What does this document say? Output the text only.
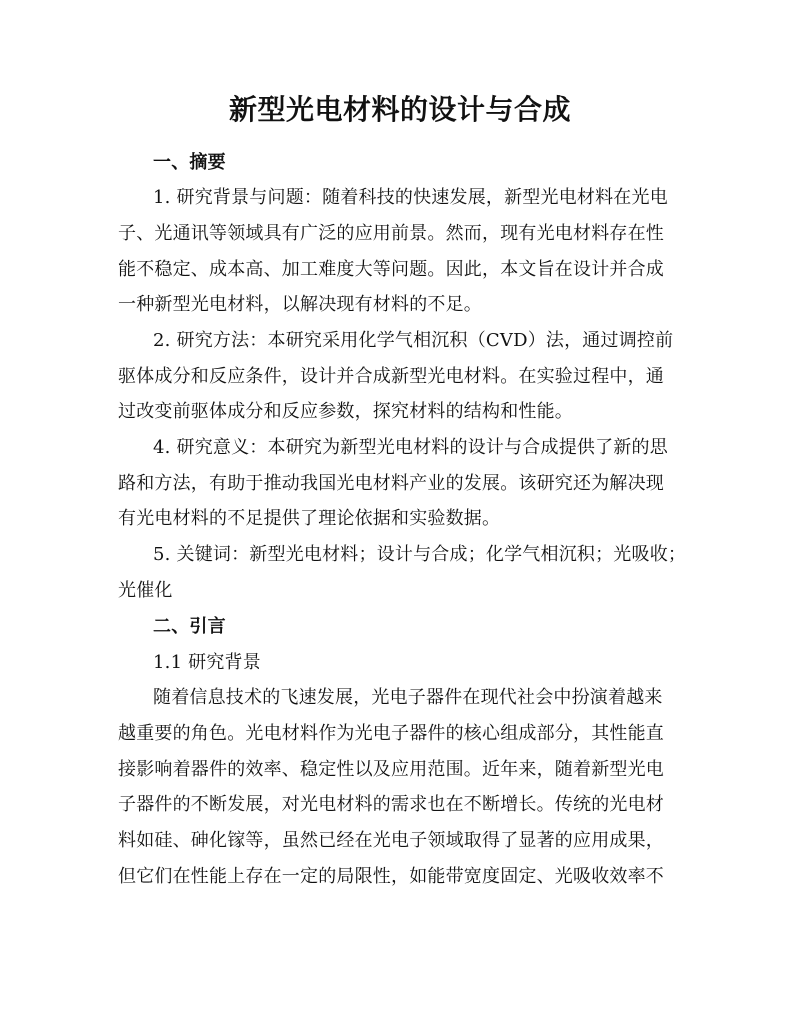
新型光电材料的设计与合成
一、摘要
1. 研究背景与问题：随着科技的快速发展，新型光电材料在光电
子、光通讯等领域具有广泛的应用前景。然而，现有光电材料存在性
能不稳定、成本高、加工难度大等问题。因此，本文旨在设计并合成
一种新型光电材料，以解决现有材料的不足。
2. 研究方法：本研究采用化学气相沉积（CVD）法，通过调控前
驱体成分和反应条件，设计并合成新型光电材料。在实验过程中，通
过改变前驱体成分和反应参数，探究材料的结构和性能。
4. 研究意义：本研究为新型光电材料的设计与合成提供了新的思
路和方法，有助于推动我国光电材料产业的发展。该研究还为解决现
有光电材料的不足提供了理论依据和实验数据。
5. 关键词：新型光电材料；设计与合成；化学气相沉积；光吸收；
光催化
二、引言
1.1 研究背景
随着信息技术的飞速发展，光电子器件在现代社会中扮演着越来
越重要的角色。光电材料作为光电子器件的核心组成部分，其性能直
接影响着器件的效率、稳定性以及应用范围。近年来，随着新型光电
子器件的不断发展，对光电材料的需求也在不断增长。传统的光电材
料如硅、砷化镓等，虽然已经在光电子领域取得了显著的应用成果，
但它们在性能上存在一定的局限性，如能带宽度固定、光吸收效率不
